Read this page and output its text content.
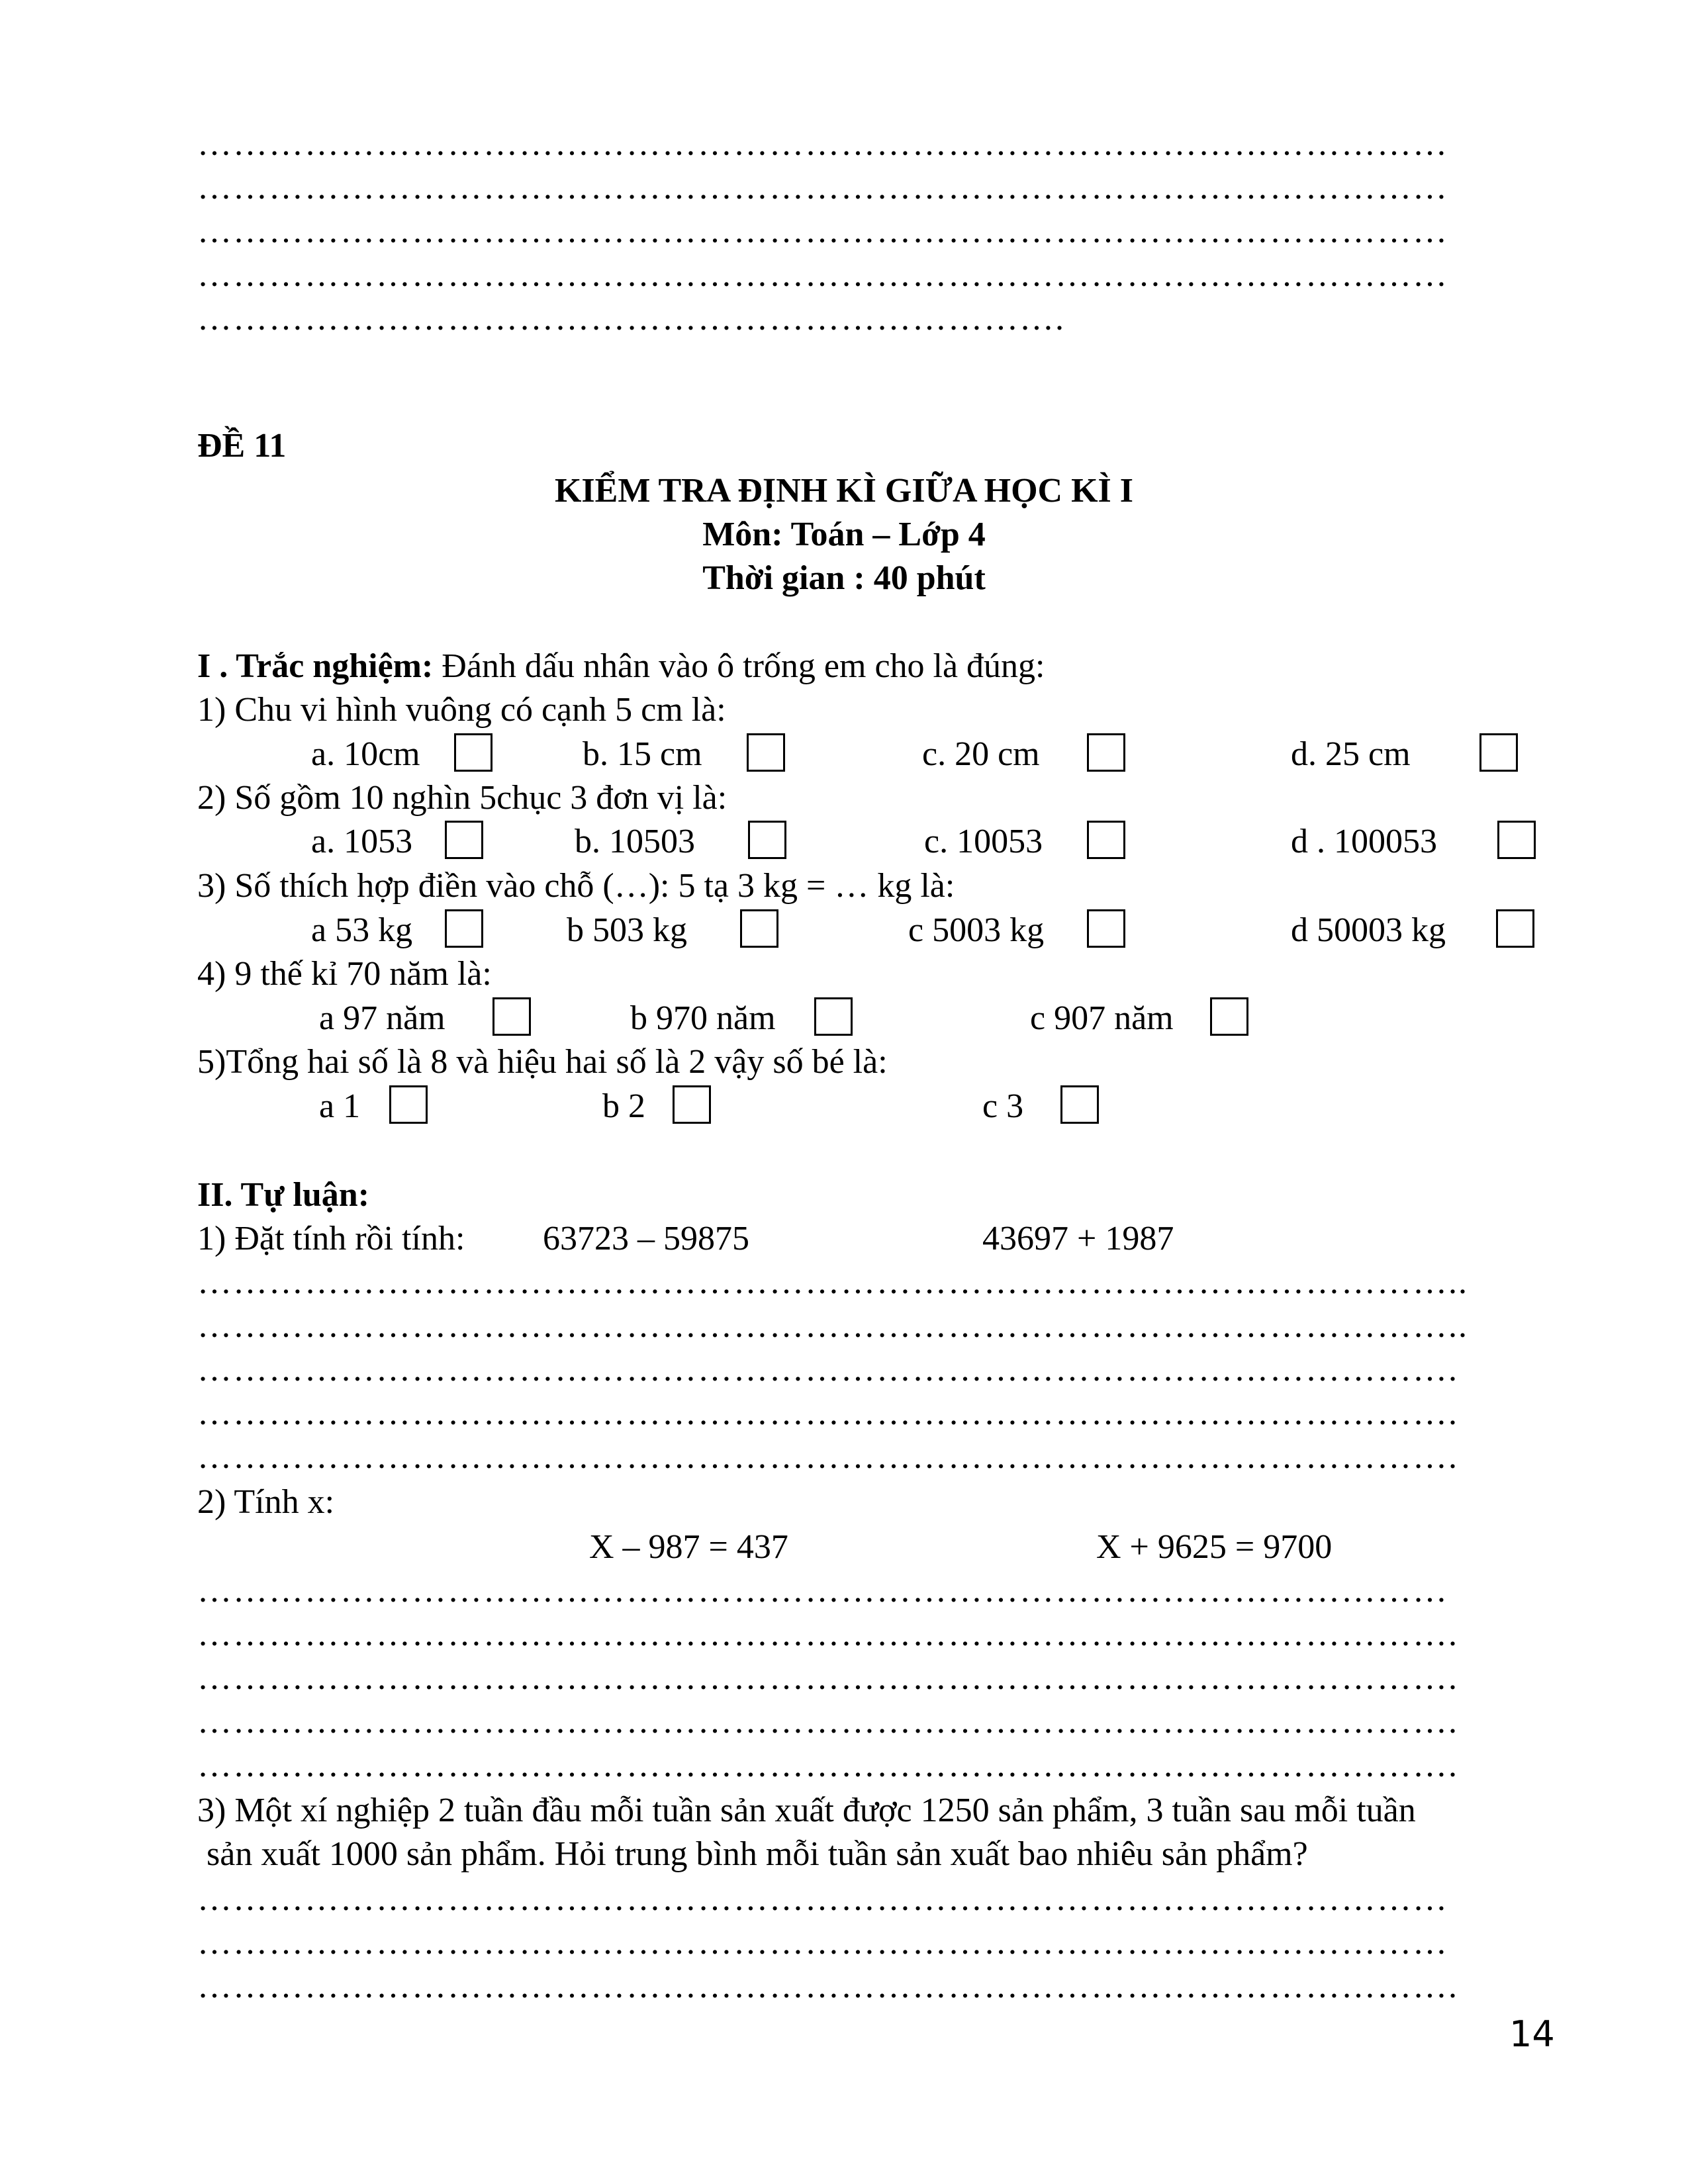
……………………………………………………………………………………………
……………………………………………………………………………………………
……………………………………………………………………………………………
……………………………………………………………………………………………
……………………………………………………………….
ĐỀ 11
KIỂM TRA ĐỊNH KÌ GIỮA HỌC KÌ I
Môn: Toán – Lớp 4
Thời gian : 40 phút
I . Trắc nghiệm: Đánh dấu nhân vào ô trống em cho là đúng:
1) Chu vi hình vuông có cạnh 5 cm là:
a. 10cm	b. 15 cm	c. 20 cm	d. 25 cm
2) Số gồm 10 nghìn 5chục 3 đơn vị là:
a. 1053	b. 10503	c. 10053	d . 100053
3) Số thích hợp điền vào chỗ (…): 5 tạ 3 kg = … kg là:
a 53 kg	b 503 kg	c 5003 kg	d 50003 kg
4) 9 thế kỉ 70 năm là:
a 97 năm	b 970 năm	c 907 năm
5)Tổng hai số là 8 và hiệu hai số là 2 vậy số bé là:
a 1	b 2	c 3
II. Tự luận:
1) Đặt tính rồi tính: 63723 – 59875	43697 + 1987
……………………………………………………………………………………………..
……………………………………………………………………………………………..
…………………………………………………………………………………………….
…………………………………………………………………………………………….
…………………………………………………………………………………………….
2) Tính x:
X – 987 = 437	X + 9625 = 9700
……………………………………………………………………………………………
…………………………………………………………………………………………….
…………………………………………………………………………………………….
…………………………………………………………………………………………….
…………………………………………………………………………………………….
3) Một xí nghiệp 2 tuần đầu mỗi tuần sản xuất được 1250 sản phẩm, 3 tuần sau mỗi tuần
sản xuất 1000 sản phẩm. Hỏi trung bình mỗi tuần sản xuất bao nhiêu sản phẩm?
……………………………………………………………………………………………
……………………………………………………………………………………………
…………………………………………………………………………………………….
14
